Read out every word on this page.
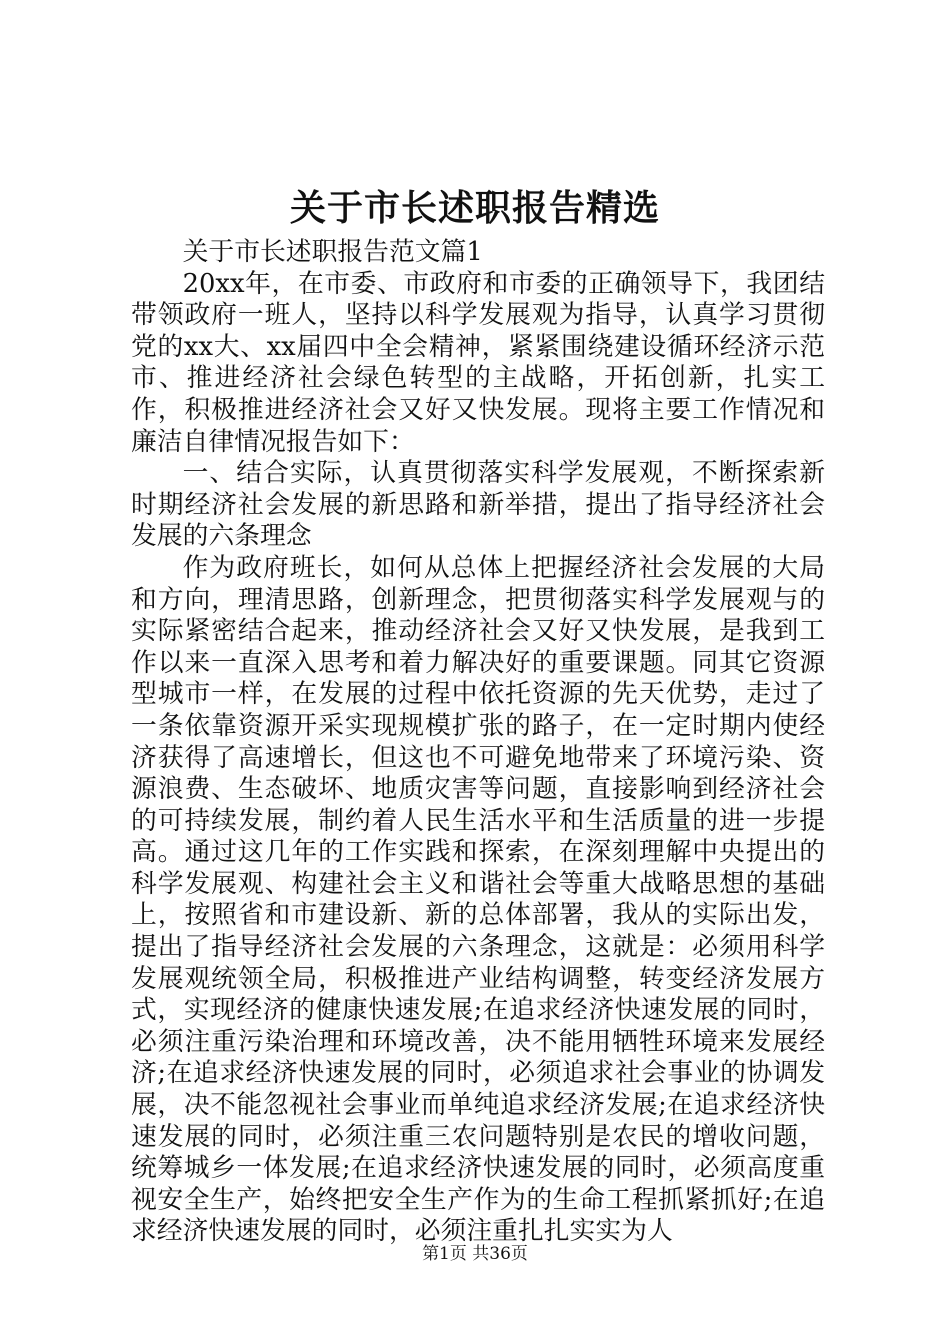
关于市长述职报告精选

关于市长述职报告范文篇1

20xx年，在市委、市政府和市委的正确领导下，我团结带领政府一班人，坚持以科学发展观为指导，认真学习贯彻党的xx大、xx届四中全会精神，紧紧围绕建设循环经济示范市、推进经济社会绿色转型的主战略，开拓创新，扎实工作，积极推进经济社会又好又快发展。现将主要工作情况和廉洁自律情况报告如下：

一、结合实际，认真贯彻落实科学发展观，不断探索新时期经济社会发展的新思路和新举措，提出了指导经济社会发展的六条理念

作为政府班长，如何从总体上把握经济社会发展的大局和方向，理清思路，创新理念，把贯彻落实科学发展观与的实际紧密结合起来，推动经济社会又好又快发展，是我到工作以来一直深入思考和着力解决好的重要课题。同其它资源型城市一样，在发展的过程中依托资源的先天优势，走过了一条依靠资源开采实现规模扩张的路子，在一定时期内使经济获得了高速增长，但这也不可避免地带来了环境污染、资源浪费、生态破坏、地质灾害等问题，直接影响到经济社会的可持续发展，制约着人民生活水平和生活质量的进一步提高。通过这几年的工作实践和探索，在深刻理解中央提出的科学发展观、构建社会主义和谐社会等重大战略思想的基础上，按照省和市建设新、新的总体部署，我从的实际出发，提出了指导经济社会发展的六条理念，这就是：必须用科学发展观统领全局，积极推进产业结构调整，转变经济发展方式，实现经济的健康快速发展;在追求经济快速发展的同时，必须注重污染治理和环境改善，决不能用牺牲环境来发展经济;在追求经济快速发展的同时，必须追求社会事业的协调发展，决不能忽视社会事业而单纯追求经济发展;在追求经济快速发展的同时，必须注重三农问题特别是农民的增收问题，统筹城乡一体发展;在追求经济快速发展的同时，必须高度重视安全生产，始终把安全生产作为的生命工程抓紧抓好;在追求经济快速发展的同时，必须注重扎扎实实为人

第1页 共36页
